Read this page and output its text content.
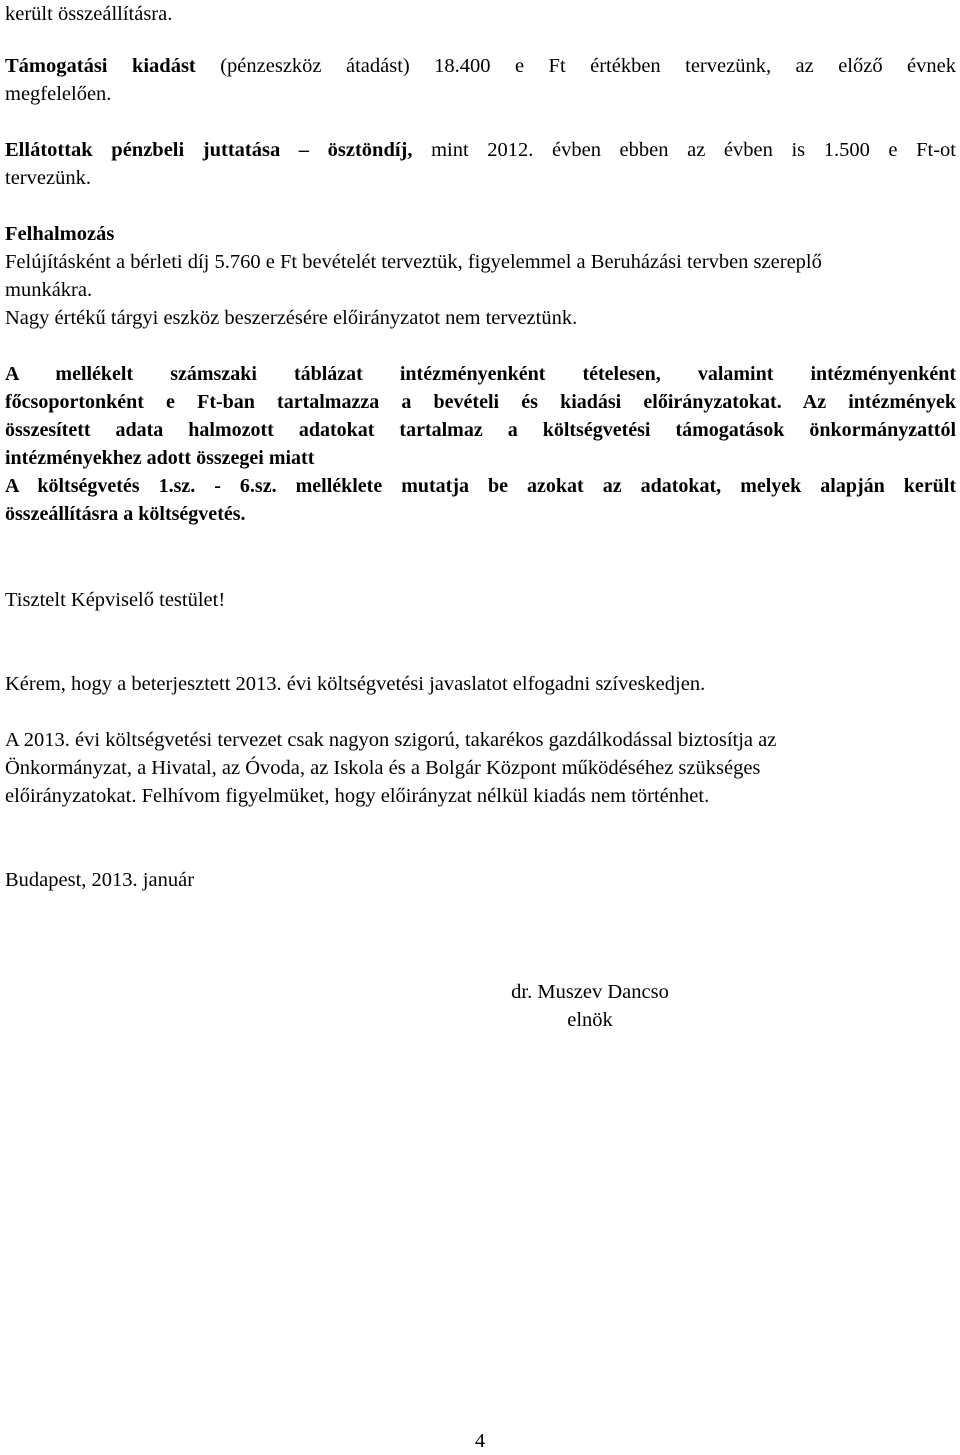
került összeállításra.

Támogatási kiadást (pénzeszköz átadást) 18.400 e Ft értékben tervezünk, az előző évnek
megfelelően.

Ellátottak pénzbeli juttatása – ösztöndíj, mint 2012. évben ebben az évben is 1.500 e Ft-ot
tervezünk.

Felhalmozás
Felújításként a bérleti díj 5.760 e Ft bevételét terveztük, figyelemmel a Beruházási tervben szereplő
munkákra.
Nagy értékű tárgyi eszköz beszerzésére előirányzatot nem terveztünk.
A mellékelt számszaki táblázat intézményenként tételesen, valamint intézményenként
főcsoportonként e Ft-ban tartalmazza a bevételi és kiadási előirányzatokat. Az intézmények
összesített adata halmozott adatokat tartalmaz a költségvetési támogatások önkormányzattól
intézményekhez adott összegei miatt
A költségvetés 1.sz. - 6.sz. melléklete mutatja be azokat az adatokat, melyek alapján került
összeállításra a költségvetés.

Tisztelt Képviselő testület!

Kérem, hogy a beterjesztett 2013. évi költségvetési javaslatot elfogadni szíveskedjen.

A 2013. évi költségvetési tervezet csak nagyon szigorú, takarékos gazdálkodással biztosítja az
Önkormányzat, a Hivatal, az Óvoda, az Iskola és a Bolgár Központ működéséhez szükséges
előirányzatokat. Felhívom figyelmüket, hogy előirányzat nélkül kiadás nem történhet.

Budapest, 2013. január

dr. Muszev Dancso
elnök
4
